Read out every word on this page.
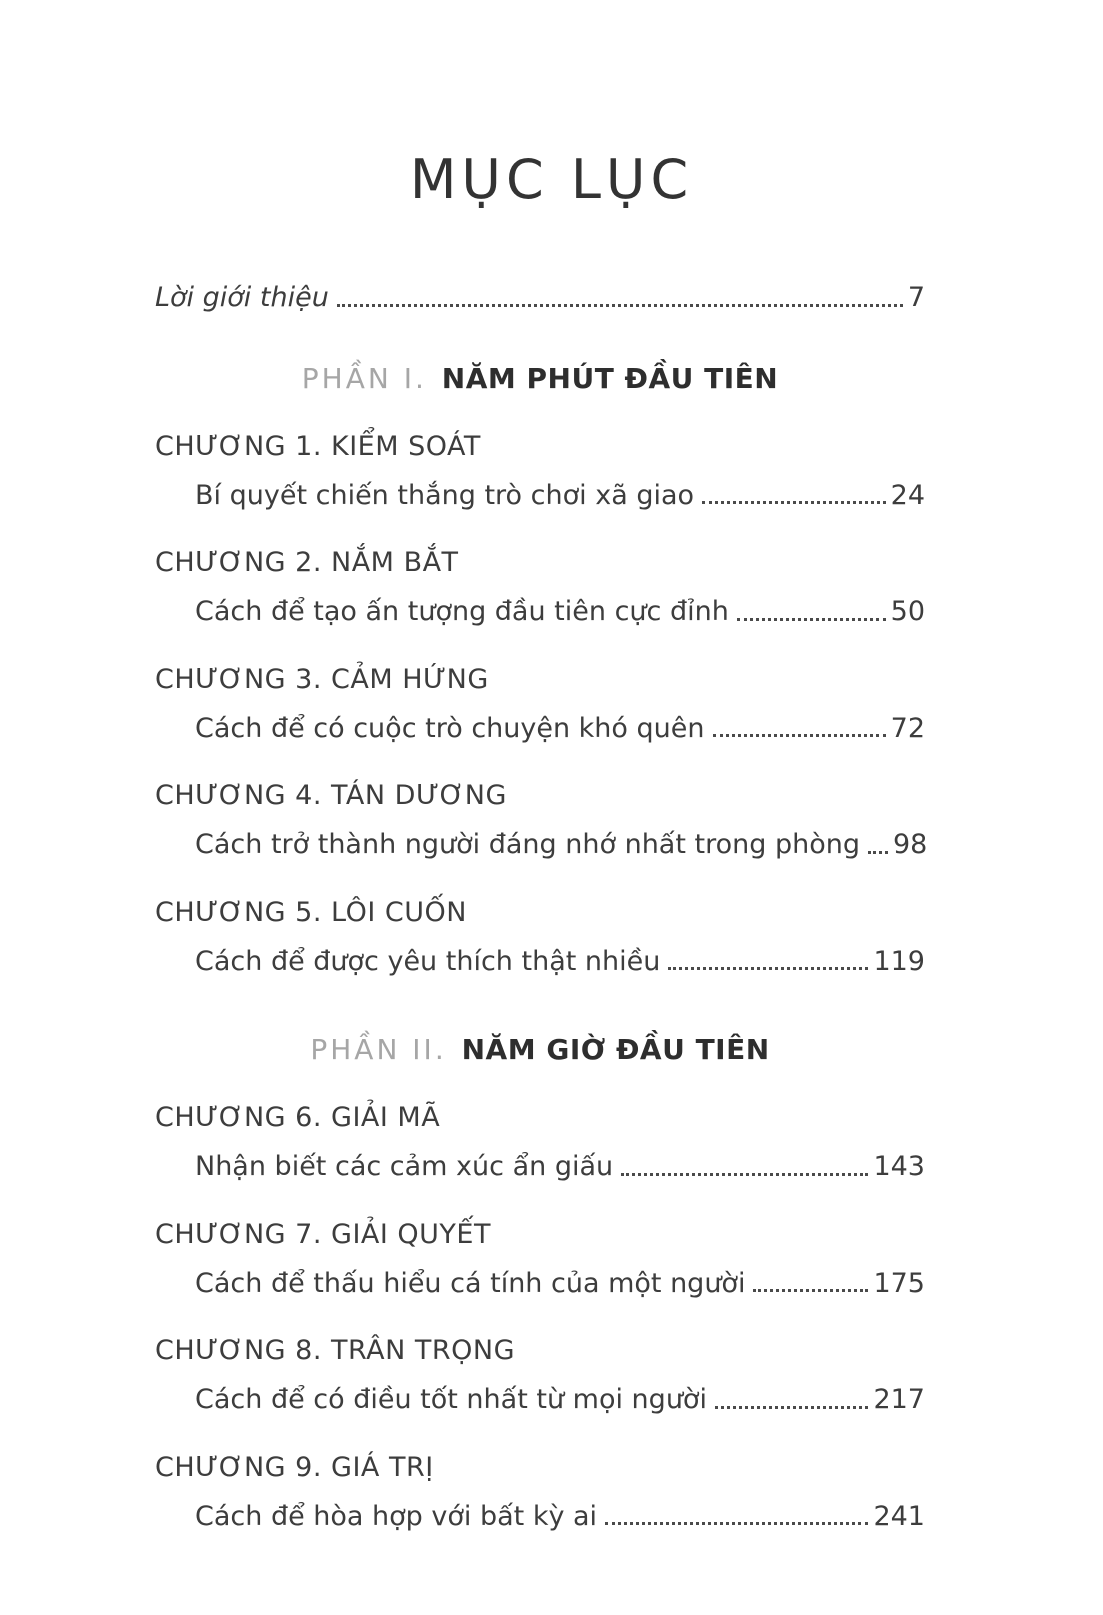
MỤC LỤC
Lời giới thiệu	7
PHẦN I. NĂM PHÚT ĐẦU TIÊN
CHƯƠNG 1. KIỂM SOÁT
Bí quyết chiến thắng trò chơi xã giao	24
CHƯƠNG 2. NẮM BẮT
Cách để tạo ấn tượng đầu tiên cực đỉnh	50
CHƯƠNG 3. CẢM HỨNG
Cách để có cuộc trò chuyện khó quên	72
CHƯƠNG 4. TÁN DƯƠNG
Cách trở thành người đáng nhớ nhất trong phòng 98
CHƯƠNG 5. LÔI CUỐN
Cách để được yêu thích thật nhiều	119
PHẦN II. NĂM GIỜ ĐẦU TIÊN
CHƯƠNG 6. GIẢI MÃ
Nhận biết các cảm xúc ẩn giấu	143
CHƯƠNG 7. GIẢI QUYẾT
Cách để thấu hiểu cá tính của một người	175
CHƯƠNG 8. TRÂN TRỌNG
Cách để có điều tốt nhất từ mọi người	217
CHƯƠNG 9. GIÁ TRỊ
Cách để hòa hợp với bất kỳ ai	241
